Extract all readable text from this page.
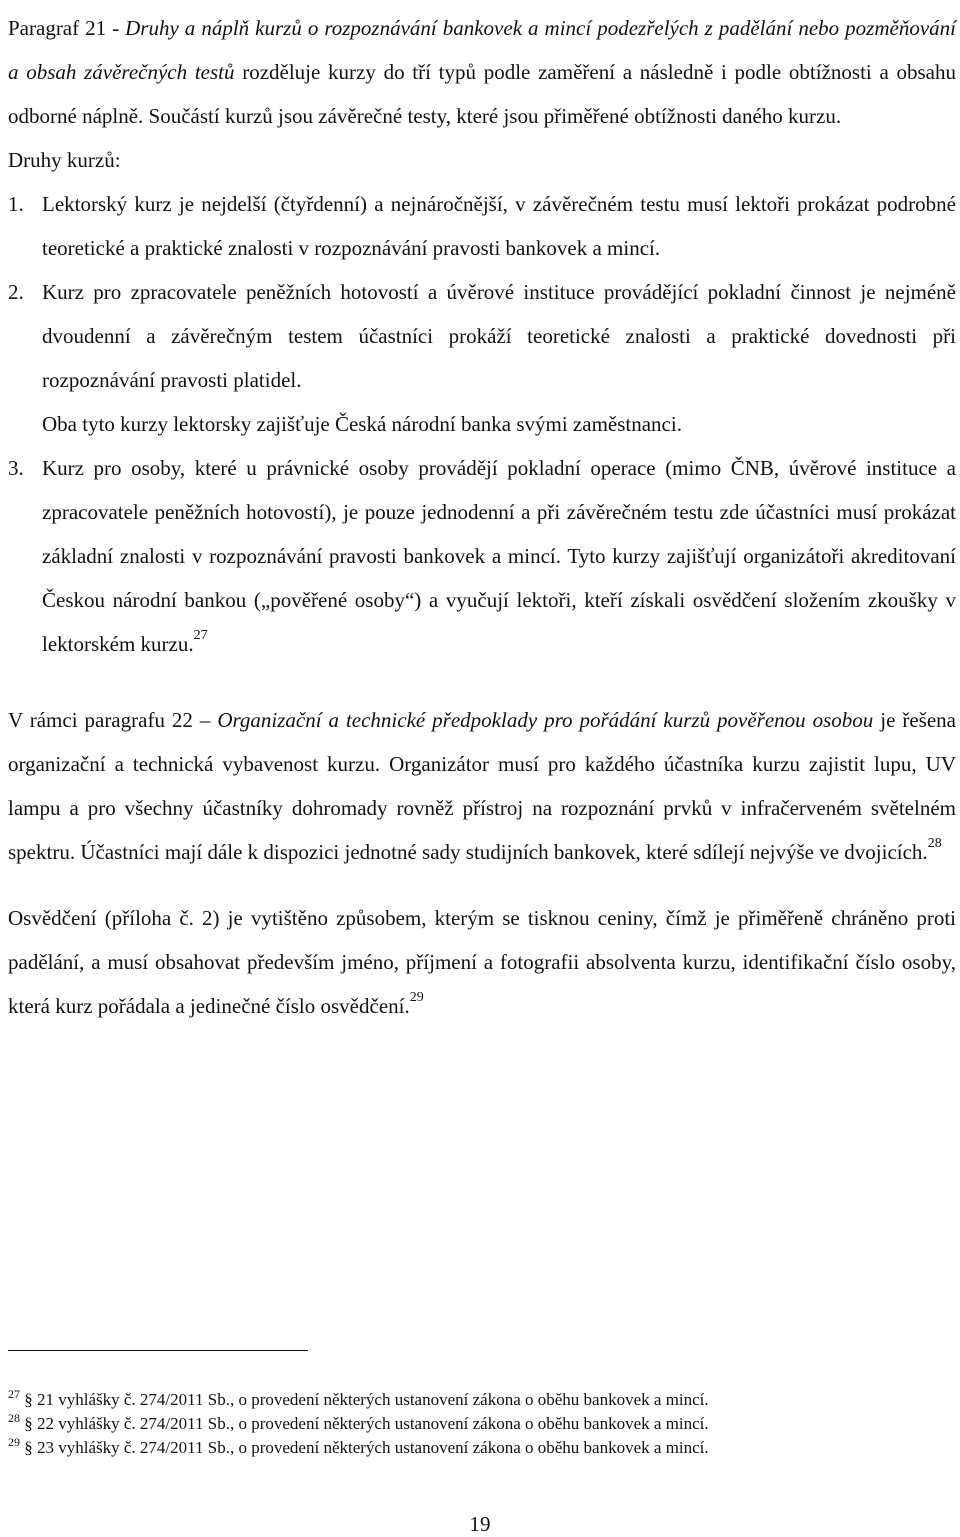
Paragraf 21 - Druhy a náplň kurzů o rozpoznávání bankovek a mincí podezřelých z padělání nebo pozměňování a obsah závěrečných testů rozděluje kurzy do tří typů podle zaměření a následně i podle obtížnosti a obsahu odborné náplně. Součástí kurzů jsou závěrečné testy, které jsou přiměřené obtížnosti daného kurzu.

Druhy kurzů:

1. Lektorský kurz je nejdelší (čtyřdenní) a nejnáročnější, v závěrečném testu musí lektoři prokázat podrobné teoretické a praktické znalosti v rozpoznávání pravosti bankovek a mincí.

2. Kurz pro zpracovatele peněžních hotovostí a úvěrové instituce provádějící pokladní činnost je nejméně dvoudenní a závěrečným testem účastníci prokáží teoretické znalosti a praktické dovednosti při rozpoznávání pravosti platidel.
Oba tyto kurzy lektorsky zajišťuje Česká národní banka svými zaměstnanci.

3. Kurz pro osoby, které u právnické osoby provádějí pokladní operace (mimo ČNB, úvěrové instituce a zpracovatele peněžních hotovostí), je pouze jednodenní a při závěrečném testu zde účastníci musí prokázat základní znalosti v rozpoznávání pravosti bankovek a mincí. Tyto kurzy zajišťují organizátoři akreditovaní Českou národní bankou („pověřené osoby“) a vyučují lektoři, kteří získali osvědčení složením zkoušky v lektorském kurzu.$^{27}$

V rámci paragrafu 22 – Organizační a technické předpoklady pro pořádání kurzů pověřenou osobou je řešena organizační a technická vybavenost kurzu. Organizátor musí pro každého účastníka kurzu zajistit lupu, UV lampu a pro všechny účastníky dohromady rovněž přístroj na rozpoznání prvků v infračerveném světelném spektru. Účastníci mají dále k dispozici jednotné sady studijních bankovek, které sdílejí nejvýše ve dvojicích.$^{28}$

Osvědčení (příloha č. 2) je vytištěno způsobem, kterým se tisknou ceniny, čímž je přiměřeně chráněno proti padělání, a musí obsahovat především jméno, příjmení a fotografii absolventa kurzu, identifikační číslo osoby, která kurz pořádala a jedinečné číslo osvědčení.$^{29}$

$^{27}$ § 21 vyhlášky č. 274/2011 Sb., o provedení některých ustanovení zákona o oběhu bankovek a mincí.

$^{28}$ § 22 vyhlášky č. 274/2011 Sb., o provedení některých ustanovení zákona o oběhu bankovek a mincí.

$^{29}$ § 23 vyhlášky č. 274/2011 Sb., o provedení některých ustanovení zákona o oběhu bankovek a mincí.

19
